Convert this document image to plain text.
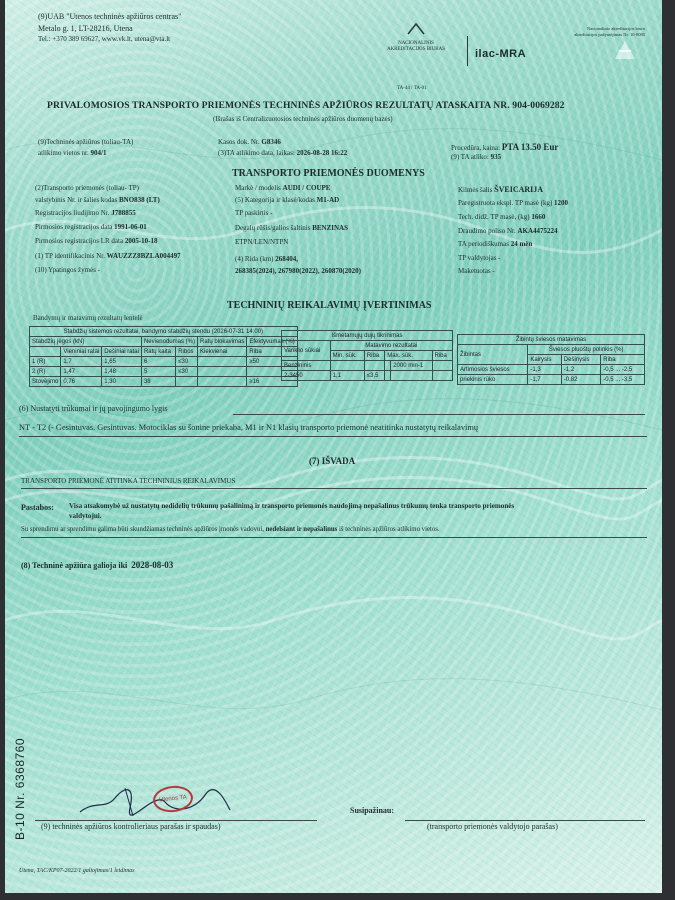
(9)UAB "Utenos techninės apžiūros centras"
Metalo g. 1, LT-28216, Utena
Tel.: +370 389 69627, www.vk.lt, utena@vta.lt
NACIONALINIS AKREDITACIJOS BIURAS	ilac-MRA
TA-44 / TA-01
Nacionalinio akreditacijos biuro akreditacijos pažymėjimas Nr. 10-0085
PRIVALOMOSIOS TRANSPORTO PRIEMONĖS TECHNINĖS APŽIŪROS REZULTATŲ ATASKAITA NR. 904-0069282
(Išrašas iš Centralizuotosios techninės apžiūros duomenų bazės)
(9)Techninės apžiūros (toliau-TA)
atlikimo vietos nr. 904/1
Kasos dok. Nr. G8346
(3)TA atlikimo data, laikas: 2026-08-28 16:22
Procedūra, kaina: PTA 13.50 Eur
(9) TA atliko: 935
TRANSPORTO PRIEMONĖS DUOMENYS
(2)Transporto priemonės (toliau- TP)
valstybinis Nr. ir šalies kodas BNO838 (LT)
Registracijos liudijimo Nr. J788855
Pirmosios registracijos data 1991-06-01
Pirmosios registracijos LR data 2005-10-18
(1) TP identifikacinis Nr. WAUZZZ8BZLA004497
(10) Ypatingos žymės -
Markė / modelis AUDI / COUPE
(5) Kategorija ir klasė/kodas M1-AD
TP paskirtis -
Degalų rūšis/galios šaltinis BENZINAS
ETPN/LEN/NTPN
(4) Rida (km) 268404,
268385(2024), 267980(2022), 260870(2020)
Kilmės šalis ŠVEICARIJA
Paregistruota ekspl. TP masė (kg) 1200
Tech. didž. TP masė, (kg) 1660
Draudimo poliso Nr. AKA4475224
TA periodiškumas 24 mėn
TP valdytojas -
Maketuotas -
TECHNINIŲ REIKALAVIMŲ ĮVERTINIMAS
Bandymų ir matavimų rezultatų lentelė
Stabdžių sistemos rezultatai, bandymo stabdžių stendu (2026-07-31 14:00)						
Stabdžių jėgos (kN)			Nevienodumas (%)		Ratų blokavimas	Efektyvumas (%)
	Vieniniai ratai	Dešiniai ratai	Ratų kaita	Ribos	Kiekvienai	Riba
1 (R)	1,7	1,65	6	≤30		≥50
2 (R)	1,47	1,48	5	≤30		
Stovėjimo	0,76	1,30	38			≥16
Išmetamųjų dujų tikrinimas					
Variklio sūkiai	Matavimo rezultatai				
	Min. sūk.	Riba	Max. sūk.		Riba
Benzininis				2000 min-1	
2-3450	1,1	≤3,5			
Žibintų šviesos matavimas			
Žibintas	Šviesos pluoštų polinkis (%)		
	Kairysis	Dešinysis	Riba
Artimosios šviesos	-1,3	-1,2	-0,5 ... -2,5
priekinis rūko	-1,7	-0,82	-0,5 ... -3,5
(6) Nustatyti trūkumai ir jų pavojingumo lygis
NT - T2 (- Gesintuvas. Gesintuvas. Motociklas su šonine priekaba, M1 ir N1 klasių transporto priemonė neatitinka nustatytų reikalavimų
(7) IŠVADA
TRANSPORTO PRIEMONĖ ATITINKA TECHNINIUS REIKALAVIMUS
Pastabos: Visa atsakomybė už nustatytų nedidelių trūkumų pašalinimą ir transporto priemonės naudojimą nepašalinus trūkumų tenka transporto priemonės
valdytojui.
Su sprendimu ar sprendimu galima būti skundžiamas techninės apžiūros įmonės vadovui, nedelsiant ir nepašalinus iš techninės apžiūros atlikimo vietos.
(8) Techninė apžiūra galioja iki 2028-08-03
Utenos TA
Susipažinau:
(9) techninės apžiūros kontrolieriaus parašas ir spaudas)	(transporto priemonės valdytojo parašas)
B-10 Nr. 6368760
Utena, TAC/KP07-2022/1 galiojimas/1 leidimas
